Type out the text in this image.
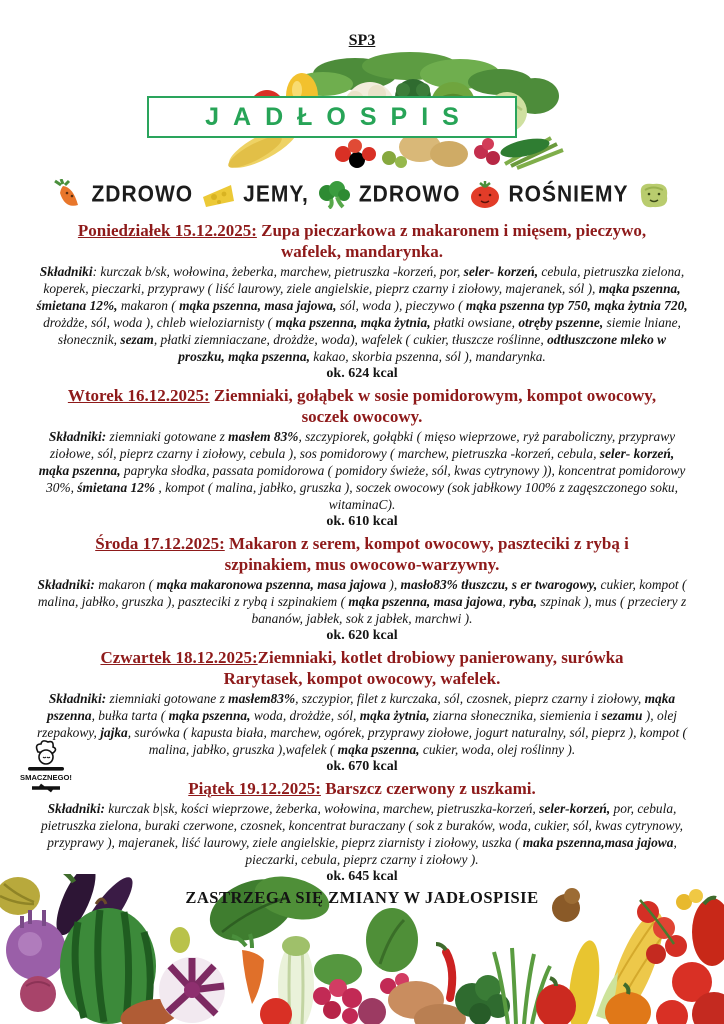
SP3
JADŁOSPIS
ZDROWO JEMY, ZDROWO ROŚNIEMY
Poniedziałek 15.12.2025: Zupa pieczarkowa z makaronem i mięsem, pieczywo, wafelek, mandarynka.
Składniki: kurczak b/sk, wołowina, żeberka, marchew, pietruszka -korzeń, por, seler- korzeń, cebula, pietruszka zielona, koperek, pieczarki, przyprawy ( liść laurowy, ziele angielskie, pieprz czarny i ziołowy, majeranek, sól ), mąka pszenna, śmietana 12%, makaron ( mąka pszenna, masa jajowa, sól, woda ), pieczywo ( mąka pszenna typ 750, mąka żytnia 720, drożdże, sól, woda ), chleb wieloziarnisty ( mąka pszenna, mąka żytnia, płatki owsiane, otręby pszenne, siemie lniane, słonecznik, sezam, płatki ziemniaczane, drożdże, woda), wafelek ( cukier, tłuszcze roślinne, odtłuszczone mleko w proszku, mąka pszenna, kakao, skorbia pszenna, sól ), mandarynka.
ok. 624 kcal
Wtorek 16.12.2025: Ziemniaki, gołąbek w sosie pomidorowym, kompot owocowy, soczek owocowy.
Składniki: ziemniaki gotowane z masłem 83%, szczypiorek, gołąbki ( mięso wieprzowe, ryż paraboliczny, przyprawy ziołowe, sól, pieprz czarny i ziołowy, cebula ), sos pomidorowy ( marchew, pietruszka -korzeń, cebula, seler- korzeń, mąka pszenna, papryka słodka, passata pomidorowa ( pomidory świeże, sól, kwas cytrynowy )), koncentrat pomidorowy 30%, śmietana 12% , kompot ( malina, jabłko, gruszka ), soczek owocowy (sok jabłkowy 100% z zagęszczonego soku, witaminaC).
ok. 610 kcal
Środa 17.12.2025: Makaron z serem, kompot owocowy, paszteciki z rybą i szpinakiem, mus owocowo-warzywny.
Składniki: makaron ( mąka makaronowa pszenna, masa jajowa ), masło83% tłuszczu, s er twarogowy, cukier, kompot ( malina, jabłko, gruszka ), paszteciki z rybą i szpinakiem ( mąka pszenna, masa jajowa, ryba, szpinak ), mus ( przeciery z bananów, jabłek, sok z jabłek, marchwi ).
ok. 620 kcal
Czwartek 18.12.2025:Ziemniaki, kotlet drobiowy panierowany, surówka Rarytasek, kompot owocowy, wafelek.
Składniki: ziemniaki gotowane z masłem83%, szczypior, filet z kurczaka, sól, czosnek, pieprz czarny i ziołowy, mąka pszenna, bułka tarta ( mąka pszenna, woda, drożdże, sól, mąka żytnia, ziarna słonecznika, siemienia i sezamu ), olej rzepakowy, jajka, surówka ( kapusta biała, marchew, ogórek, przyprawy ziołowe, jogurt naturalny, sól, pieprz ), kompot ( malina, jabłko, gruszka ),wafelek ( mąka pszenna, cukier, woda, olej roślinny ).
ok. 670 kcal
Piątek 19.12.2025: Barszcz czerwony z uszkami.
Składniki: kurczak b|sk, kości wieprzowe, żeberka, wołowina, marchew, pietruszka-korzeń, seler-korzeń, por, cebula, pietruszka zielona, buraki czerwone, czosnek, koncentrat buraczany ( sok z buraków, woda, cukier, sól, kwas cytrynowy, przyprawy ), majeranek, liść laurowy, ziele angielskie, pieprz ziarnisty i ziołowy, uszka ( maka pszenna,masa jajowa, pieczarki, cebula, pieprz czarny i ziołowy ).
ok. 645 kcal
ZASTRZEGA SIĘ ZMIANY W JADŁOSPISIE
SMACZNEGO!
